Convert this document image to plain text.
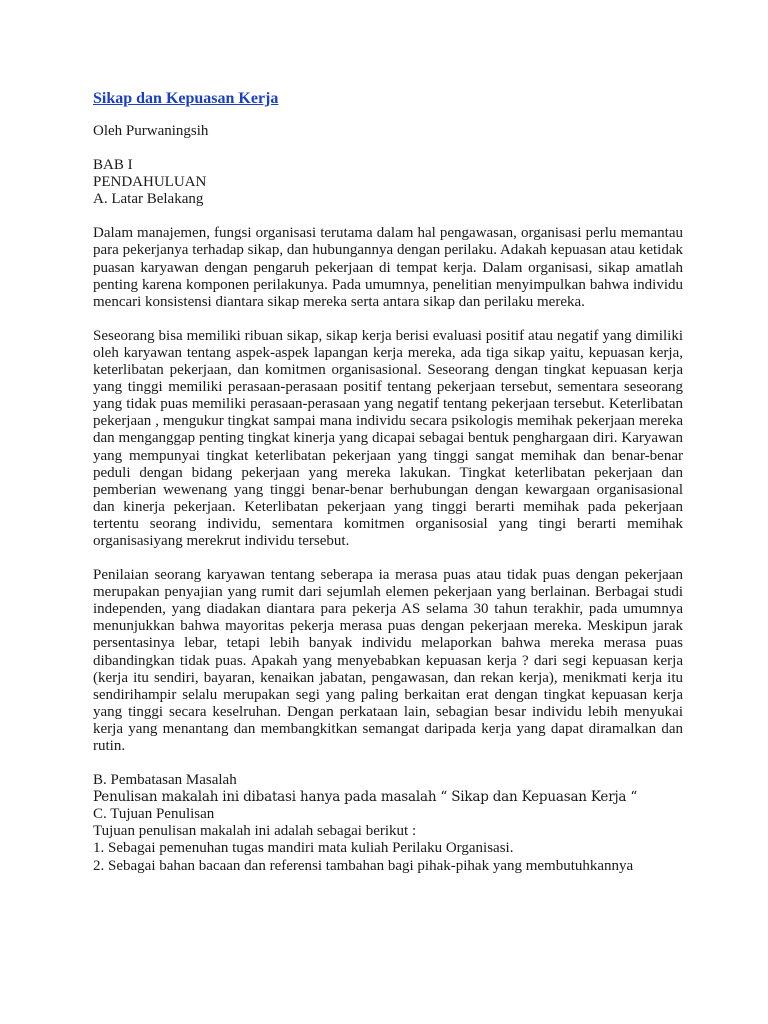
Sikap dan Kepuasan Kerja
Oleh Purwaningsih
BAB I
PENDAHULUAN
A. Latar Belakang

Dalam manajemen, fungsi organisasi terutama dalam hal pengawasan, organisasi perlu memantau para pekerjanya terhadap sikap, dan hubungannya dengan perilaku. Adakah kepuasan atau ketidak puasan karyawan dengan pengaruh pekerjaan di tempat kerja. Dalam organisasi, sikap amatlah penting karena komponen perilakunya. Pada umumnya, penelitian menyimpulkan bahwa individu mencari konsistensi diantara sikap mereka serta antara sikap dan perilaku mereka.

Seseorang bisa memiliki ribuan sikap, sikap kerja berisi evaluasi positif atau negatif yang dimiliki oleh karyawan tentang aspek-aspek lapangan kerja mereka, ada tiga sikap yaitu, kepuasan kerja, keterlibatan pekerjaan, dan komitmen organisasional. Seseorang dengan tingkat kepuasan kerja yang tinggi memiliki perasaan-perasaan positif tentang pekerjaan tersebut, sementara seseorang yang tidak puas memiliki perasaan-perasaan yang negatif tentang pekerjaan tersebut. Keterlibatan pekerjaan , mengukur tingkat sampai mana individu secara psikologis memihak pekerjaan mereka dan menganggap penting tingkat kinerja yang dicapai sebagai bentuk penghargaan diri. Karyawan yang mempunyai tingkat keterlibatan pekerjaan yang tinggi sangat memihak dan benar-benar peduli dengan bidang pekerjaan yang mereka lakukan. Tingkat keterlibatan pekerjaan dan pemberian wewenang yang tinggi benar-benar berhubungan dengan kewargaan organisasional dan kinerja pekerjaan. Keterlibatan pekerjaan yang tinggi berarti memihak pada pekerjaan tertentu seorang individu, sementara komitmen organisosial yang tingi berarti memihak organisasiyang merekrut individu tersebut.

Penilaian seorang karyawan tentang seberapa ia merasa puas atau tidak puas dengan pekerjaan merupakan penyajian yang rumit dari sejumlah elemen pekerjaan yang berlainan. Berbagai studi independen, yang diadakan diantara para pekerja AS selama 30 tahun terakhir, pada umumnya menunjukkan bahwa mayoritas pekerja merasa puas dengan pekerjaan mereka. Meskipun jarak persentasinya lebar, tetapi lebih banyak individu melaporkan bahwa mereka merasa puas dibandingkan tidak puas. Apakah yang menyebabkan kepuasan kerja ? dari segi kepuasan kerja (kerja itu sendiri, bayaran, kenaikan jabatan, pengawasan, dan rekan kerja), menikmati kerja itu sendirihampir selalu merupakan segi yang paling berkaitan erat dengan tingkat kepuasan kerja yang tinggi secara keselruhan. Dengan perkataan lain, sebagian besar individu lebih menyukai kerja yang menantang dan membangkitkan semangat daripada kerja yang dapat diramalkan dan rutin.

B. Pembatasan Masalah
Penulisan makalah ini dibatasi hanya pada masalah “ Sikap dan Kepuasan Kerja “
C. Tujuan Penulisan
Tujuan penulisan makalah ini adalah sebagai berikut :
1. Sebagai pemenuhan tugas mandiri mata kuliah Perilaku Organisasi.
2. Sebagai bahan bacaan dan referensi tambahan bagi pihak-pihak yang membutuhkannya
